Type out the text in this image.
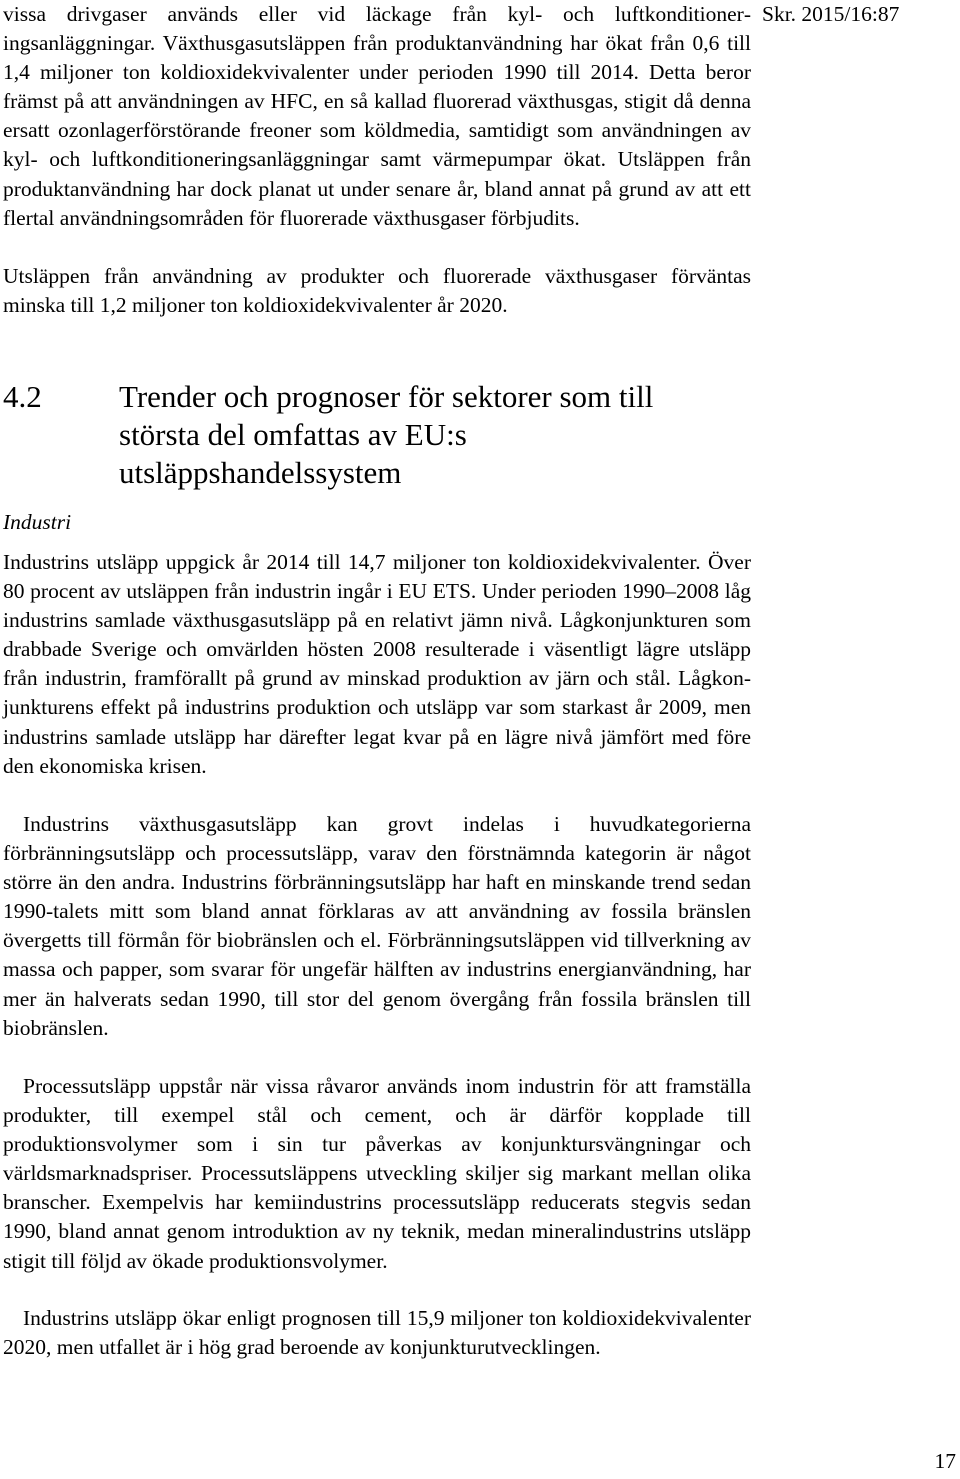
Skr. 2015/16:87

vissa drivgaser används eller vid läckage från kyl- och luftkonditioneringsanläggningar. Växthusgasutsläppen från produktanvändning har ökat från 0,6 till 1,4 miljoner ton koldioxidekvivalenter under perioden 1990 till 2014. Detta beror främst på att användningen av HFC, en så kallad fluorerad växthusgas, stigit då denna ersatt ozonlagerförstörande freoner som köldmedia, samtidigt som användningen av kyl- och luftkonditioneringsanläggningar samt värmepumpar ökat. Utsläppen från produktanvändning har dock planat ut under senare år, bland annat på grund av att ett flertal användningsområden för fluorerade växthusgaser förbjudits.

Utsläppen från användning av produkter och fluorerade växthusgaser förväntas minska till 1,2 miljoner ton koldioxidekvivalenter år 2020.

4.2 Trender och prognoser för sektorer som till största del omfattas av EU:s utsläppshandelssystem
Industri

Industrins utsläpp uppgick år 2014 till 14,7 miljoner ton koldioxidekvivalenter. Över 80 procent av utsläppen från industrin ingår i EU ETS. Under perioden 1990–2008 låg industrins samlade växthusgasutsläpp på en relativt jämn nivå. Lågkonjunkturen som drabbade Sverige och omvärlden hösten 2008 resulterade i väsentligt lägre utsläpp från industrin, framförallt på grund av minskad produktion av järn och stål. Lågkonjunkturens effekt på industrins produktion och utsläpp var som starkast år 2009, men industrins samlade utsläpp har därefter legat kvar på en lägre nivå jämfört med före den ekonomiska krisen.

Industrins växthusgasutsläpp kan grovt indelas i huvudkategorierna förbränningsutsläpp och processutsläpp, varav den förstnämnda kategorin är något större än den andra. Industrins förbränningsutsläpp har haft en minskande trend sedan 1990-talets mitt som bland annat förklaras av att användning av fossila bränslen övergetts till förmån för biobränslen och el. Förbränningsutsläppen vid tillverkning av massa och papper, som svarar för ungefär hälften av industrins energianvändning, har mer än halverats sedan 1990, till stor del genom övergång från fossila bränslen till biobränslen.

Processutsläpp uppstår när vissa råvaror används inom industrin för att framställa produkter, till exempel stål och cement, och är därför kopplade till produktionsvolymer som i sin tur påverkas av konjunktursvängningar och världsmarknadspriser. Processutsläppens utveckling skiljer sig markant mellan olika branscher. Exempelvis har kemiindustrins processutsläpp reducerats stegvis sedan 1990, bland annat genom introduktion av ny teknik, medan mineralindustrins utsläpp stigit till följd av ökade produktionsvolymer.

Industrins utsläpp ökar enligt prognosen till 15,9 miljoner ton koldioxidekvivalenter 2020, men utfallet är i hög grad beroende av konjunkturutvecklingen.

17
